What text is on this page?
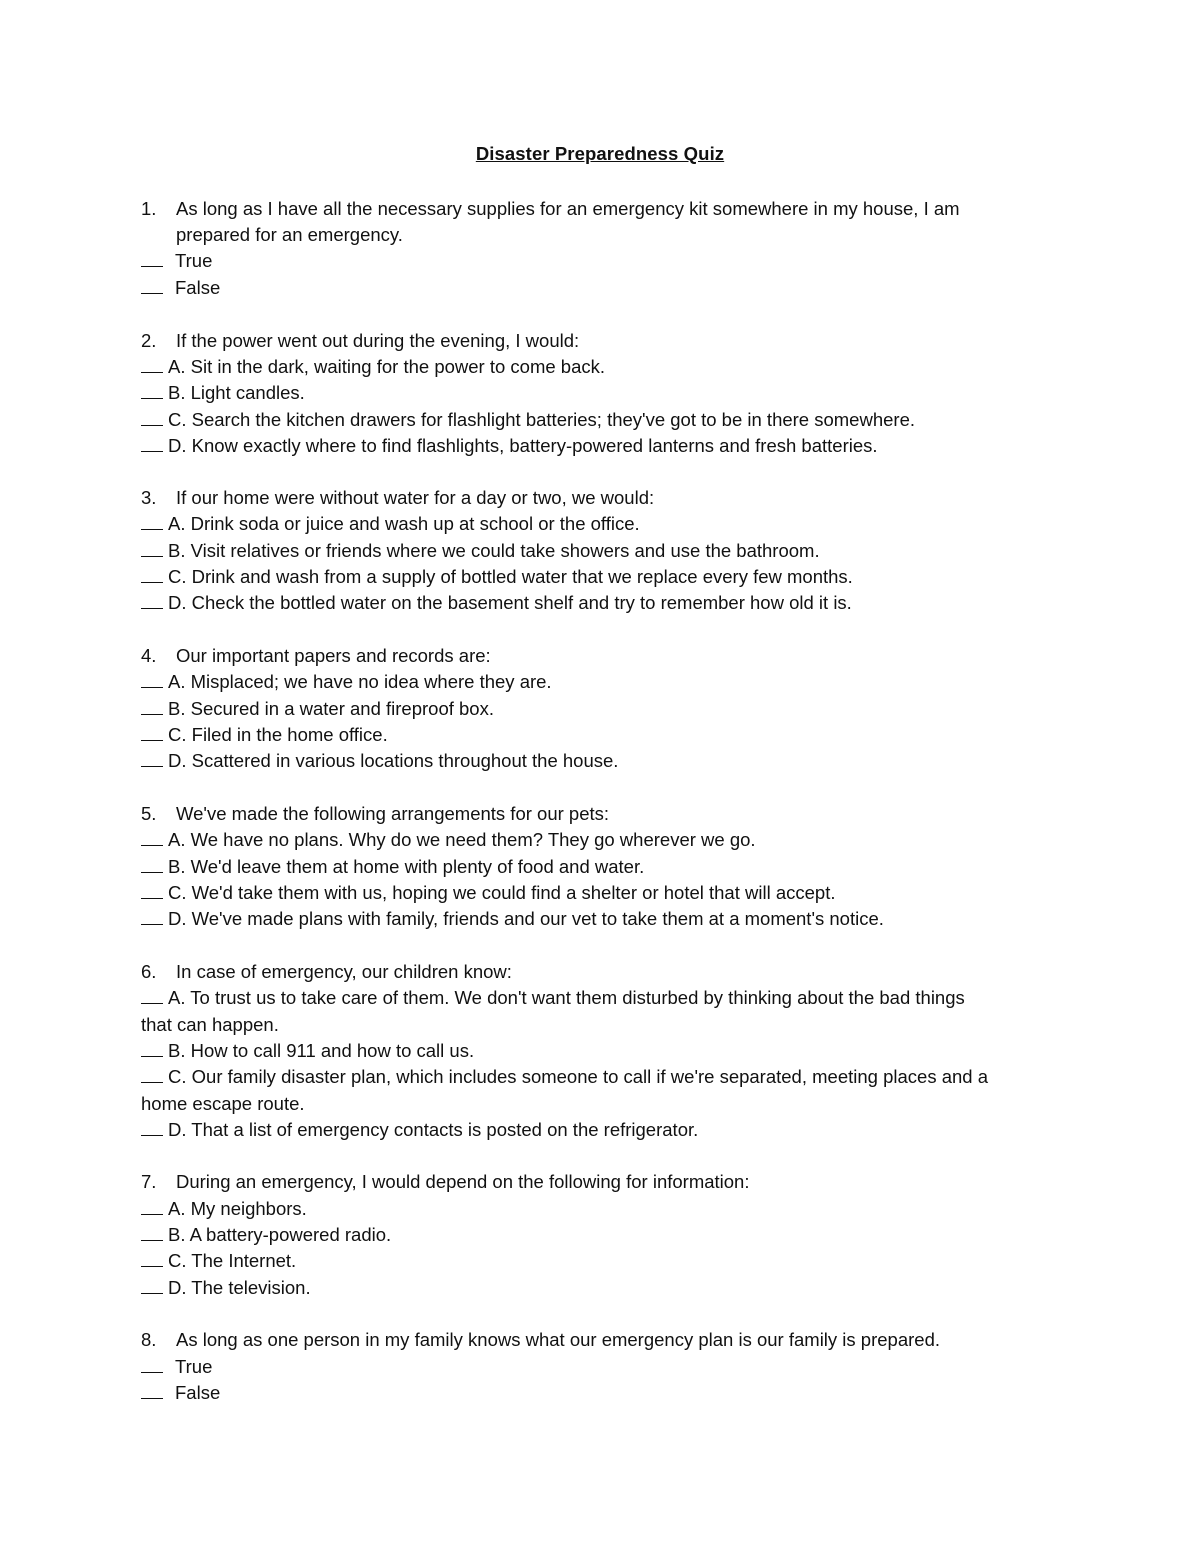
Disaster Preparedness Quiz
1. As long as I have all the necessary supplies for an emergency kit somewhere in my house, I am
prepared for an emergency.
True
False
2. If the power went out during the evening, I would:
A. Sit in the dark, waiting for the power to come back.
B. Light candles.
C. Search the kitchen drawers for flashlight batteries; they've got to be in there somewhere.
D. Know exactly where to find flashlights, battery-powered lanterns and fresh batteries.
3. If our home were without water for a day or two, we would:
A. Drink soda or juice and wash up at school or the office.
B. Visit relatives or friends where we could take showers and use the bathroom.
C. Drink and wash from a supply of bottled water that we replace every few months.
D. Check the bottled water on the basement shelf and try to remember how old it is.
4. Our important papers and records are:
A. Misplaced; we have no idea where they are.
B. Secured in a water and fireproof box.
C. Filed in the home office.
D. Scattered in various locations throughout the house.
5. We've made the following arrangements for our pets:
A. We have no plans. Why do we need them? They go wherever we go.
B. We'd leave them at home with plenty of food and water.
C. We'd take them with us, hoping we could find a shelter or hotel that will accept.
D. We've made plans with family, friends and our vet to take them at a moment's notice.
6. In case of emergency, our children know:
A. To trust us to take care of them. We don't want them disturbed by thinking about the bad things
that can happen.
B. How to call 911 and how to call us.
C. Our family disaster plan, which includes someone to call if we're separated, meeting places and a
home escape route.
D. That a list of emergency contacts is posted on the refrigerator.
7. During an emergency, I would depend on the following for information:
A. My neighbors.
B. A battery-powered radio.
C. The Internet.
D. The television.
8. As long as one person in my family knows what our emergency plan is our family is prepared.
True
False
